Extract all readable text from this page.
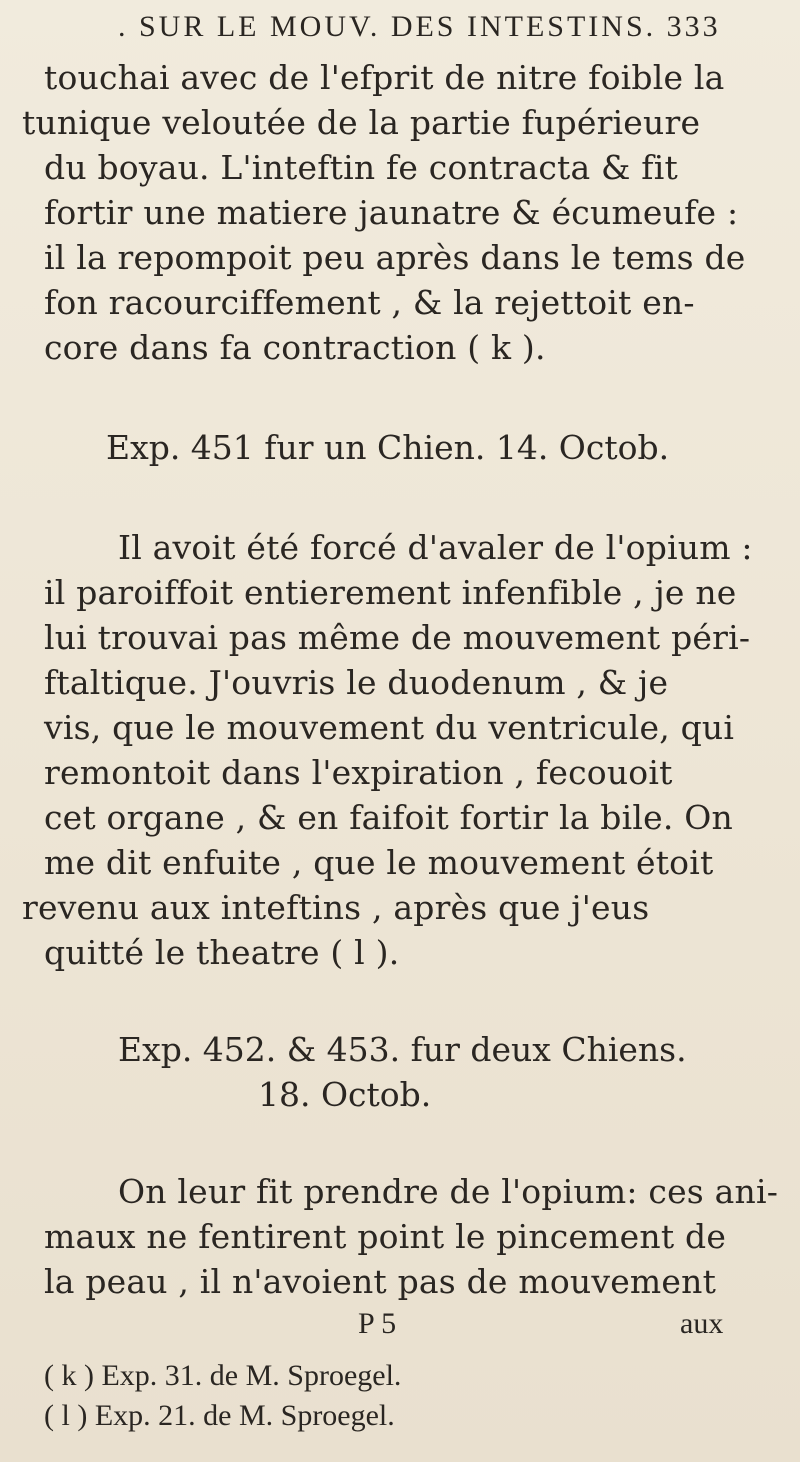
. SUR LE MOUV. DES INTESTINS. 333
touchai avec de l'efprit de nitre foible la
tunique veloutée de la partie fupérieure
du boyau. L'inteftin fe contracta & fit
fortir une matiere jaunatre & écumeufe :
il la repompoit peu après dans le tems de
fon racourciffement , & la rejettoit en-
core dans fa contraction ( k ).
Exp. 451 fur un Chien. 14. Octob.
Il avoit été forcé d'avaler de l'opium :
il paroiffoit entierement infenfible , je ne
lui trouvai pas même de mouvement péri-
ftaltique. J'ouvris le duodenum , & je
vis, que le mouvement du ventricule, qui
remontoit dans l'expiration , fecouoit
cet organe , & en faifoit fortir la bile. On
me dit enfuite , que le mouvement étoit
revenu aux inteftins , après que j'eus
quitté le theatre ( l ).
Exp. 452. & 453. fur deux Chiens.
18. Octob.
On leur fit prendre de l'opium: ces ani-
maux ne fentirent point le pincement de
la peau , il n'avoient pas de mouvement
P 5	aux
( k ) Exp. 31. de M. Sproegel.
( l ) Exp. 21. de M. Sproegel.
